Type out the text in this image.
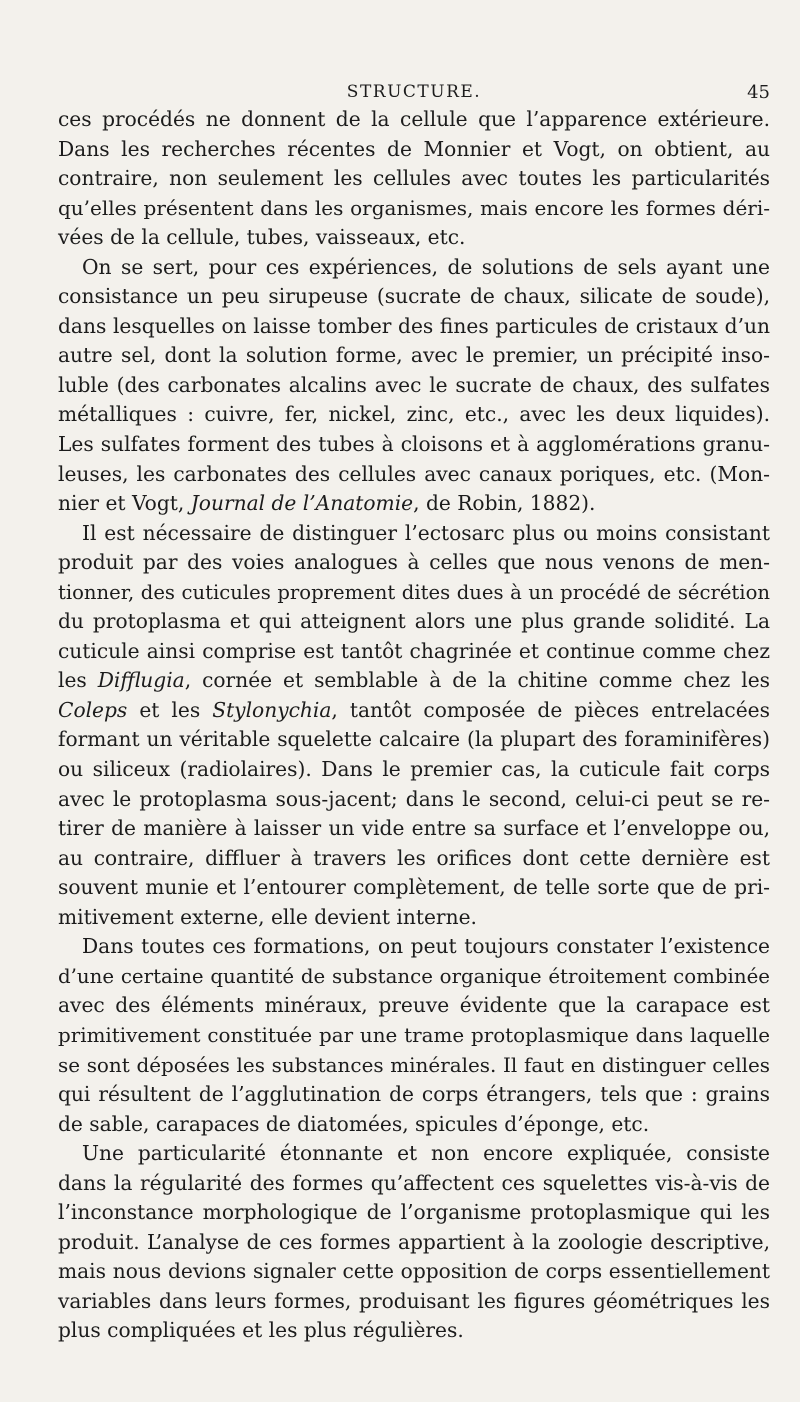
STRUCTURE.	45
ces procédés ne donnent de la cellule que l’apparence extérieure.
Dans les recherches récentes de Monnier et Vogt, on obtient, au
contraire, non seulement les cellules avec toutes les particularités
qu’elles présentent dans les organismes, mais encore les formes déri-
vées de la cellule, tubes, vaisseaux, etc.
On se sert, pour ces expériences, de solutions de sels ayant une
consistance un peu sirupeuse (sucrate de chaux, silicate de soude),
dans lesquelles on laisse tomber des fines particules de cristaux d’un
autre sel, dont la solution forme, avec le premier, un précipité inso-
luble (des carbonates alcalins avec le sucrate de chaux, des sulfates
métalliques : cuivre, fer, nickel, zinc, etc., avec les deux liquides).
Les sulfates forment des tubes à cloisons et à agglomérations granu-
leuses, les carbonates des cellules avec canaux poriques, etc. (Mon-
nier et Vogt, Journal de l’Anatomie, de Robin, 1882).
Il est nécessaire de distinguer l’ectosarc plus ou moins consistant
produit par des voies analogues à celles que nous venons de men-
tionner, des cuticules proprement dites dues à un procédé de sécrétion
du protoplasma et qui atteignent alors une plus grande solidité. La
cuticule ainsi comprise est tantôt chagrinée et continue comme chez
les Difflugia, cornée et semblable à de la chitine comme chez les
Coleps et les Stylonychia, tantôt composée de pièces entrelacées
formant un véritable squelette calcaire (la plupart des foraminifères)
ou siliceux (radiolaires). Dans le premier cas, la cuticule fait corps
avec le protoplasma sous-jacent; dans le second, celui-ci peut se re-
tirer de manière à laisser un vide entre sa surface et l’enveloppe ou,
au contraire, diffluer à travers les orifices dont cette dernière est
souvent munie et l’entourer complètement, de telle sorte que de pri-
mitivement externe, elle devient interne.
Dans toutes ces formations, on peut toujours constater l’existence
d’une certaine quantité de substance organique étroitement combinée
avec des éléments minéraux, preuve évidente que la carapace est
primitivement constituée par une trame protoplasmique dans laquelle
se sont déposées les substances minérales. Il faut en distinguer celles
qui résultent de l’agglutination de corps étrangers, tels que : grains
de sable, carapaces de diatomées, spicules d’éponge, etc.
Une particularité étonnante et non encore expliquée, consiste
dans la régularité des formes qu’affectent ces squelettes vis-à-vis de
l’inconstance morphologique de l’organisme protoplasmique qui les
produit. L’analyse de ces formes appartient à la zoologie descriptive,
mais nous devions signaler cette opposition de corps essentiellement
variables dans leurs formes, produisant les figures géométriques les
plus compliquées et les plus régulières.
